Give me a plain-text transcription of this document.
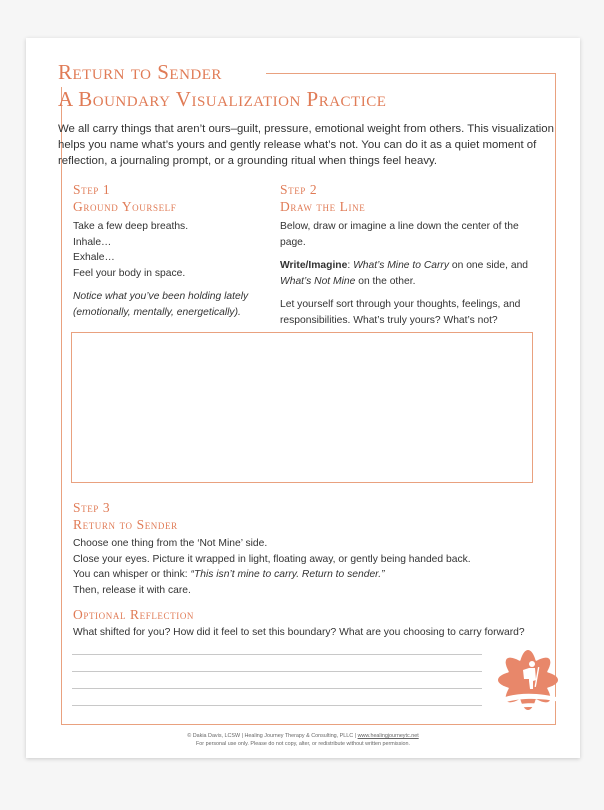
Return to Sender
A Boundary Visualization Practice

We all carry things that aren’t ours–guilt, pressure, emotional weight from others. This visualization helps you name what’s yours and gently release what’s not. You can do it as a quiet moment of reflection, a journaling prompt, or a grounding ritual when things feel heavy.

Step 1
Ground Yourself

Take a few deep breaths.

Inhale…

Exhale…

Feel your body in space.

Notice what you’ve been holding lately (emotionally, mentally, energetically).

Step 2
Draw the Line

Below, draw or imagine a line down the center of the page.

Write/Imagine: What’s Mine to Carry on one side, and What’s Not Mine on the other.

Let yourself sort through your thoughts, feelings, and responsibilities. What’s truly yours? What’s not?

Step 3
Return to Sender

Choose one thing from the ‘Not Mine’ side.

Close your eyes. Picture it wrapped in light, floating away, or gently being handed back.

You can whisper or think: “This isn’t mine to carry. Return to sender.”

Then, release it with care.

Optional Reflection
What shifted for you? How did it feel to set this boundary? What are you choosing to carry forward?
© Dakia Davis, LCSW | Healing Journey Therapy & Consulting, PLLC | www.healingjourneytc.net
For personal use only. Please do not copy, alter, or redistribute without written permission.
